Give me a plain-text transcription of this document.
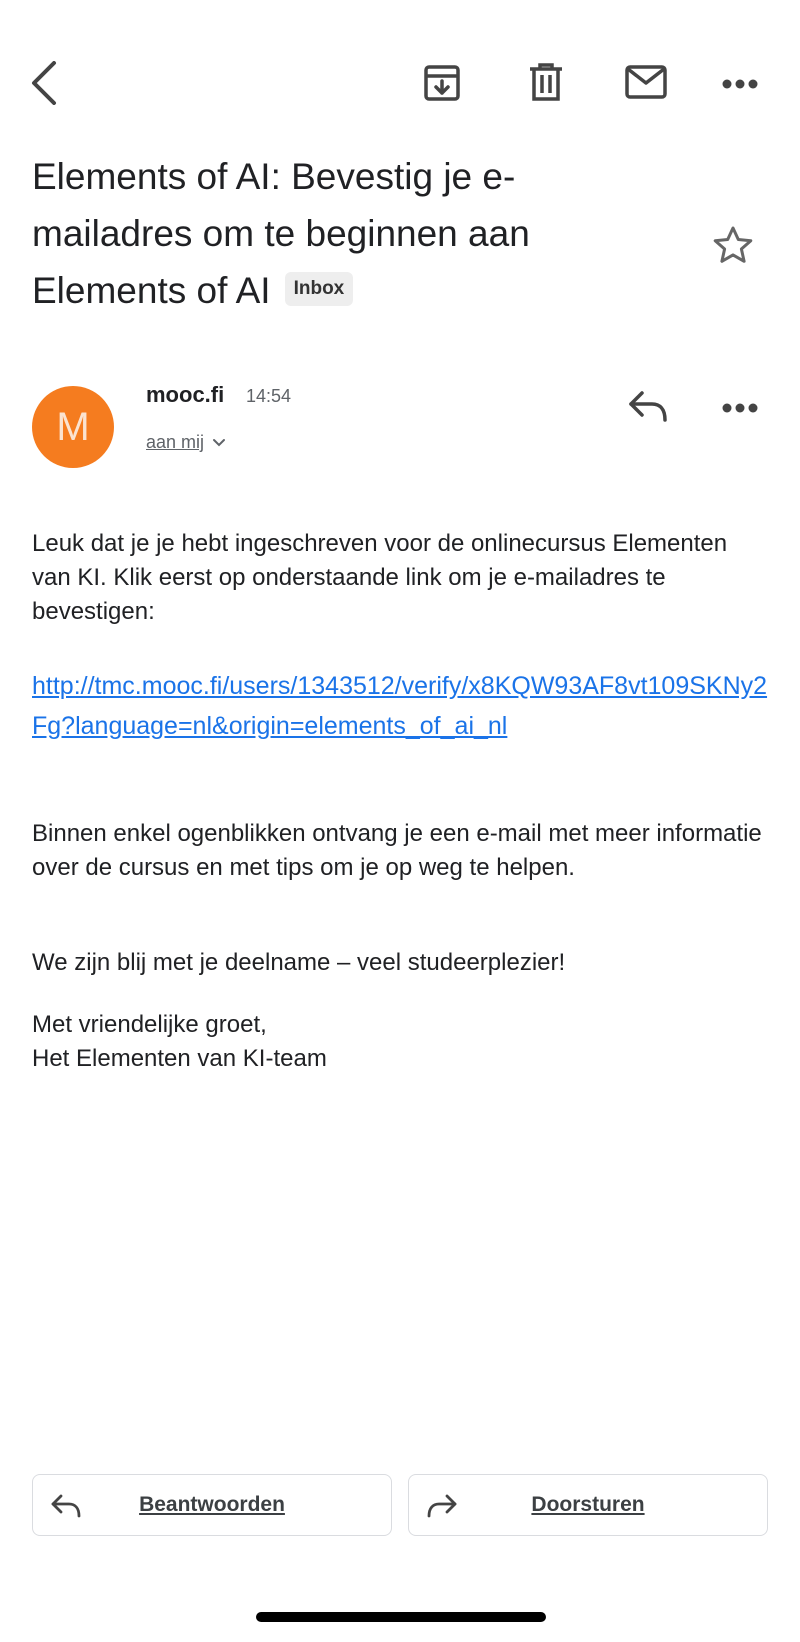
Elements of AI: Bevestig je e-mailadres om te beginnen aan Elements of AI Inbox
M
mooc.fi 14:54
aan mij
Leuk dat je je hebt ingeschreven voor de onlinecursus Elementen van KI. Klik eerst op onderstaande link om je e-mailadres te bevestigen:
http://tmc.mooc.fi/users/1343512/verify/x8KQW93AF8vt109SKNy2Fg?language=nl&origin=elements_of_ai_nl
Binnen enkel ogenblikken ontvang je een e-mail met meer informatie over de cursus en met tips om je op weg te helpen.
We zijn blij met je deelname – veel studeerplezier!
Met vriendelijke groet,
Het Elementen van KI-team
Beantwoorden	Doorsturen
